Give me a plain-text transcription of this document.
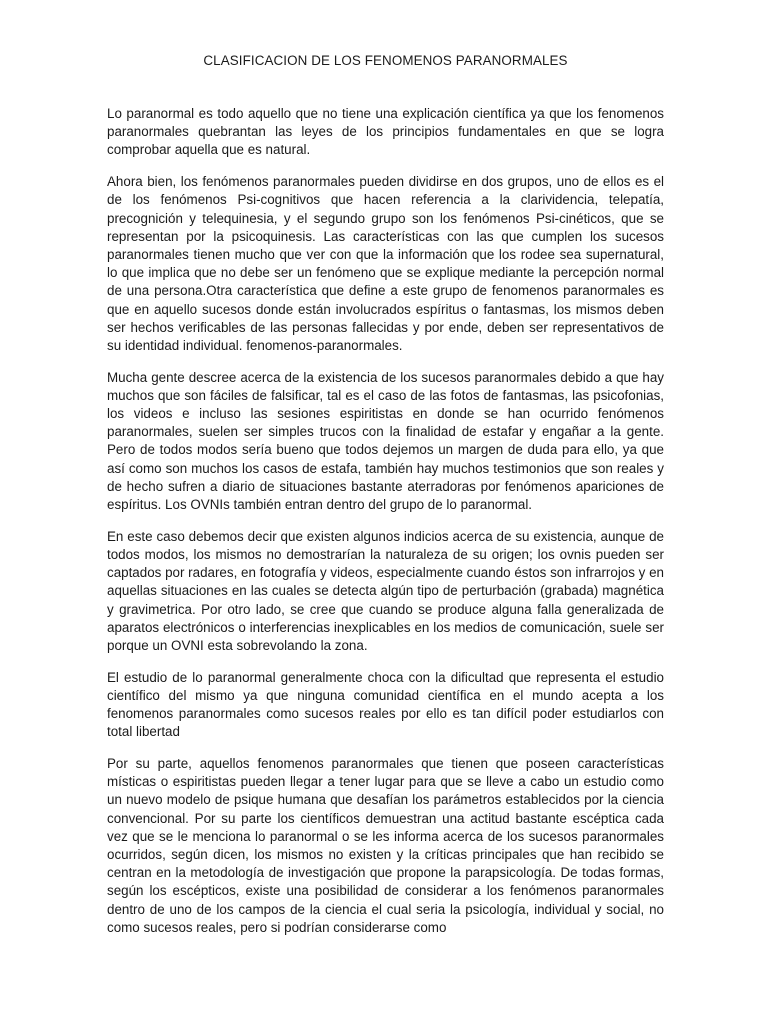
CLASIFICACION DE LOS FENOMENOS PARANORMALES

Lo paranormal es todo aquello que no tiene una explicación científica ya que los fenomenos paranormales quebrantan las leyes de los principios fundamentales en que se logra comprobar aquella que es natural.

Ahora bien, los fenómenos paranormales pueden dividirse en dos grupos, uno de ellos es el de los fenómenos Psi-cognitivos que hacen referencia a la clarividencia, telepatía, precognición y telequinesia, y el segundo grupo son los fenómenos Psi-cinéticos, que se representan por la psicoquinesis. Las características con las que cumplen los sucesos paranormales tienen mucho que ver con que la información que los rodee sea supernatural, lo que implica que no debe ser un fenómeno que se explique mediante la percepción normal de una persona.Otra característica que define a este grupo de fenomenos paranormales es que en aquello sucesos donde están involucrados espíritus o fantasmas, los mismos deben ser hechos verificables de las personas fallecidas y por ende, deben ser representativos de su identidad individual. fenomenos-paranormales.

Mucha gente descree acerca de la existencia de los sucesos paranormales debido a que hay muchos que son fáciles de falsificar, tal es el caso de las fotos de fantasmas, las psicofonias, los videos e incluso las sesiones espiritistas en donde se han ocurrido fenómenos paranormales, suelen ser simples trucos con la finalidad de estafar y engañar a la gente. Pero de todos modos sería bueno que todos dejemos un margen de duda para ello, ya que así como son muchos los casos de estafa, también hay muchos testimonios que son reales y de hecho sufren a diario de situaciones bastante aterradoras por fenómenos apariciones de espíritus. Los OVNIs también entran dentro del grupo de lo paranormal.

En este caso debemos decir que existen algunos indicios acerca de su existencia, aunque de todos modos, los mismos no demostrarían la naturaleza de su origen; los ovnis pueden ser captados por radares, en fotografía y videos, especialmente cuando éstos son infrarrojos y en aquellas situaciones en las cuales se detecta algún tipo de perturbación (grabada) magnética y gravimetrica. Por otro lado, se cree que cuando se produce alguna falla generalizada de aparatos electrónicos o interferencias inexplicables en los medios de comunicación, suele ser porque un OVNI esta sobrevolando la zona.

El estudio de lo paranormal generalmente choca con la dificultad que representa el estudio científico del mismo ya que ninguna comunidad científica en el mundo acepta a los fenomenos paranormales como sucesos reales por ello es tan difícil poder estudiarlos con total libertad

Por su parte, aquellos fenomenos paranormales que tienen que poseen características místicas o espiritistas pueden llegar a tener lugar para que se lleve a cabo un estudio como un nuevo modelo de psique humana que desafían los parámetros establecidos por la ciencia convencional. Por su parte los científicos demuestran una actitud bastante escéptica cada vez que se le menciona lo paranormal o se les informa acerca de los sucesos paranormales ocurridos, según dicen, los mismos no existen y la críticas principales que han recibido se centran en la metodología de investigación que propone la parapsicología. De todas formas, según los escépticos, existe una posibilidad de considerar a los fenómenos paranormales dentro de uno de los campos de la ciencia el cual seria la psicología, individual y social, no como sucesos reales, pero si podrían considerarse como
